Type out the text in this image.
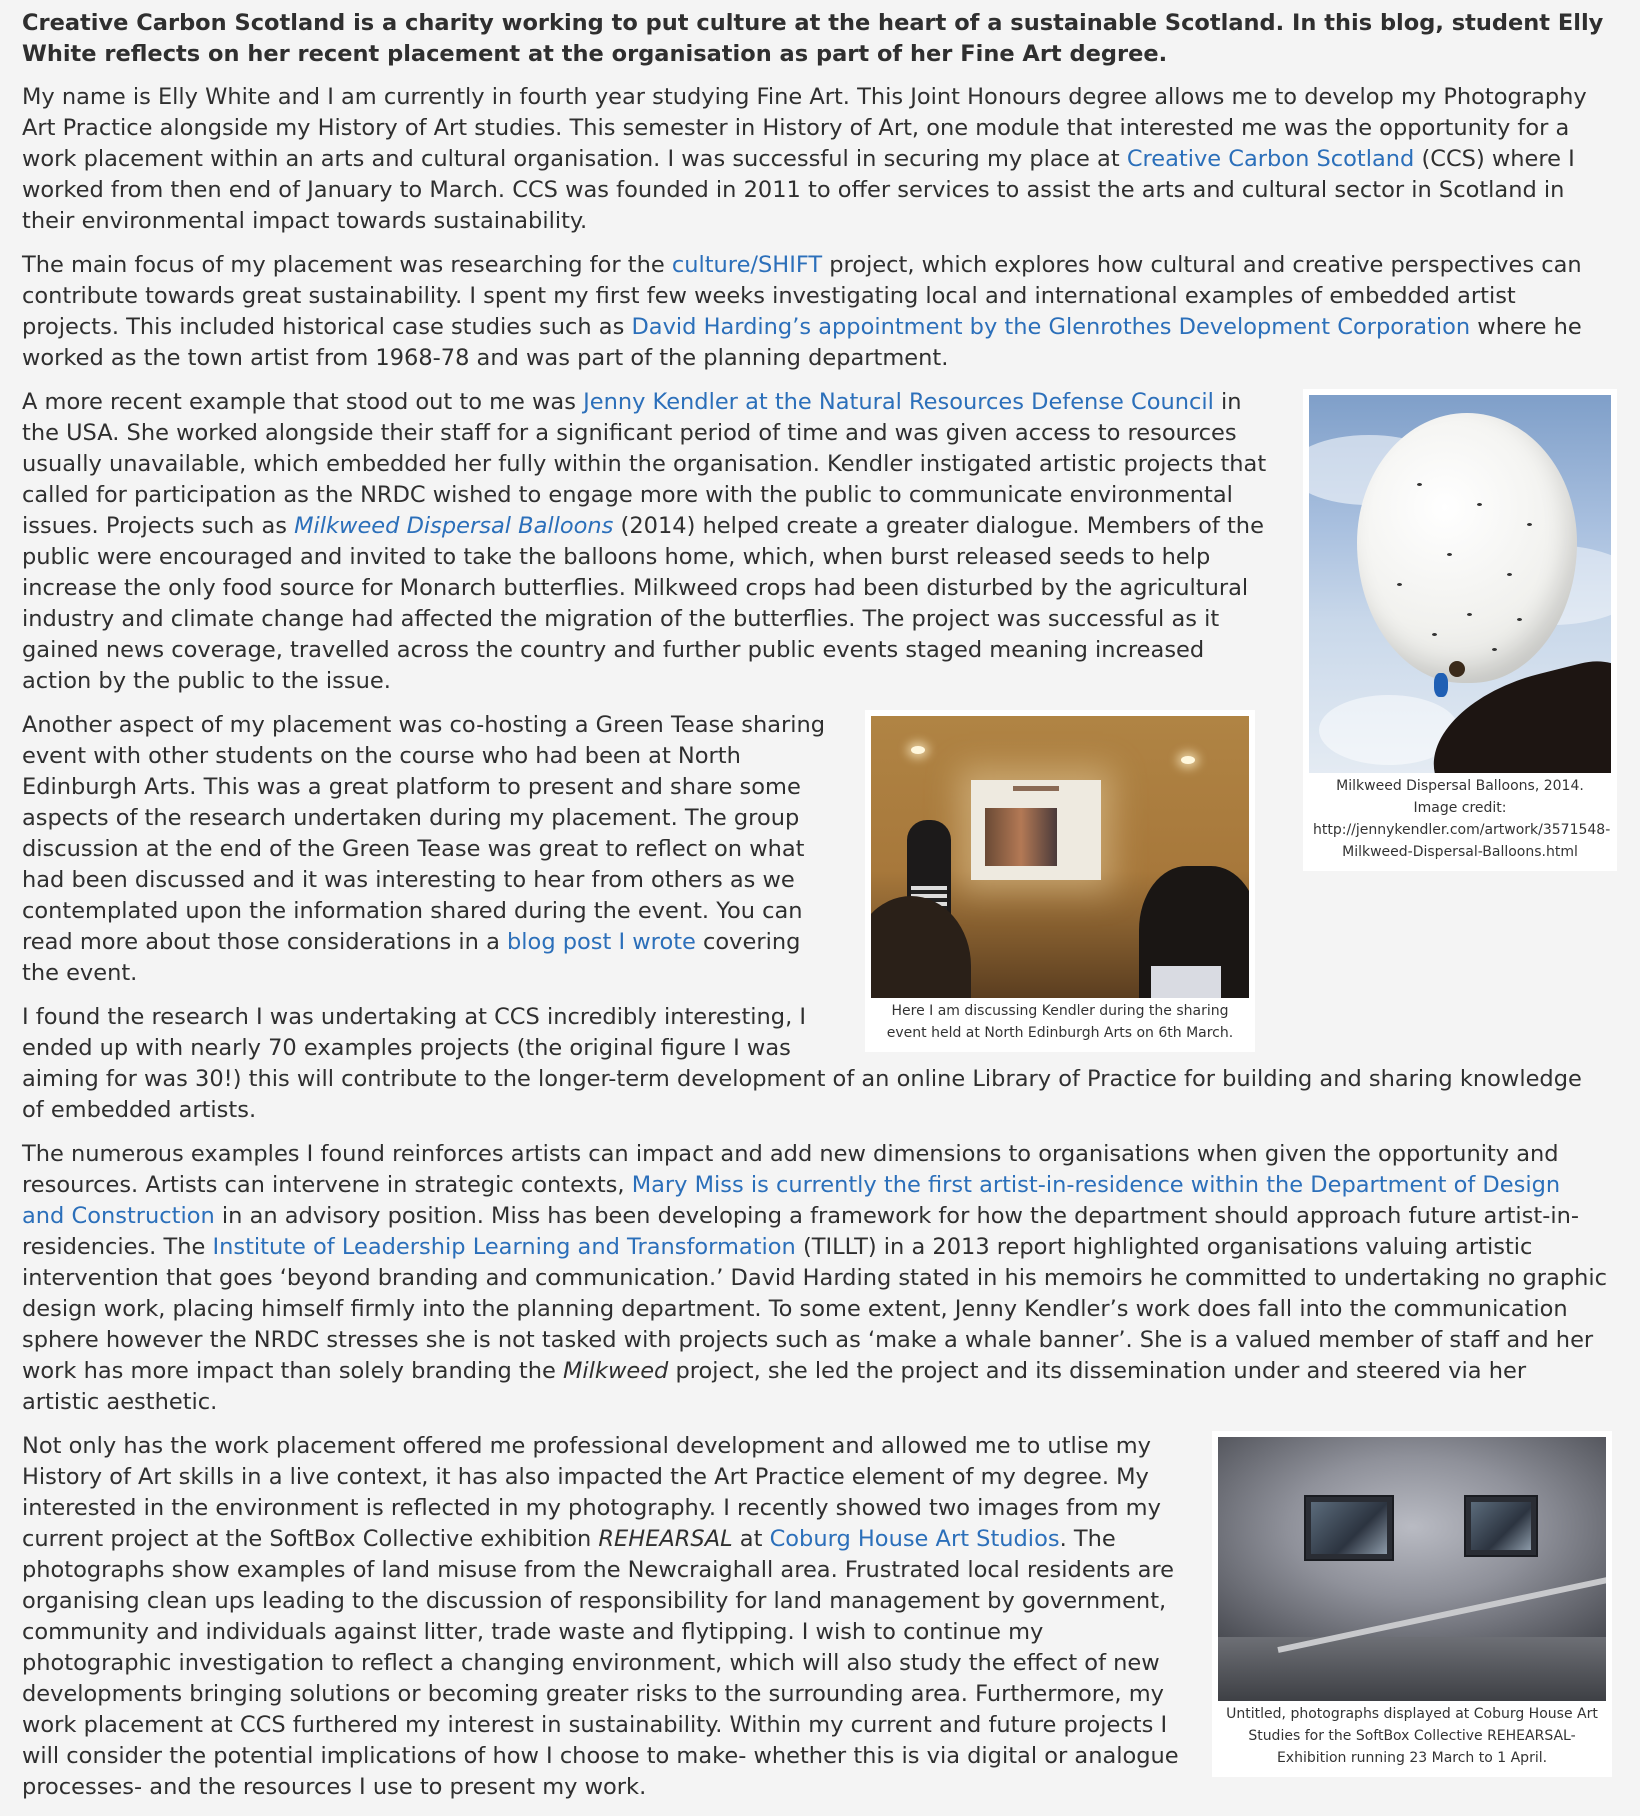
Creative Carbon Scotland is a charity working to put culture at the heart of a sustainable Scotland. In this blog, student Elly White reflects on her recent placement at the organisation as part of her Fine Art degree.

My name is Elly White and I am currently in fourth year studying Fine Art. This Joint Honours degree allows me to develop my Photography Art Practice alongside my History of Art studies. This semester in History of Art, one module that interested me was the opportunity for a work placement within an arts and cultural organisation. I was successful in securing my place at Creative Carbon Scotland (CCS) where I worked from then end of January to March. CCS was founded in 2011 to offer services to assist the arts and cultural sector in Scotland in their environmental impact towards sustainability.

The main focus of my placement was researching for the culture/SHIFT project, which explores how cultural and creative perspectives can contribute towards great sustainability. I spent my first few weeks investigating local and international examples of embedded artist projects. This included historical case studies such as David Harding’s appointment by the Glenrothes Development Corporation where he worked as the town artist from 1968-78 and was part of the planning department.

Milkweed Dispersal Balloons, 2014. Image credit: http://jennykendler.com/artwork/3571548-Milkweed-Dispersal-Balloons.html

A more recent example that stood out to me was Jenny Kendler at the Natural Resources Defense Council in the USA. She worked alongside their staff for a significant period of time and was given access to resources usually unavailable, which embedded her fully within the organisation. Kendler instigated artistic projects that called for participation as the NRDC wished to engage more with the public to communicate environmental issues. Projects such as Milkweed Dispersal Balloons (2014) helped create a greater dialogue. Members of the public were encouraged and invited to take the balloons home, which, when burst released seeds to help increase the only food source for Monarch butterflies. Milkweed crops had been disturbed by the agricultural industry and climate change had affected the migration of the butterflies. The project was successful as it gained news coverage, travelled across the country and further public events staged meaning increased action by the public to the issue.

Here I am discussing Kendler during the sharing event held at North Edinburgh Arts on 6th March.

Another aspect of my placement was co-hosting a Green Tease sharing event with other students on the course who had been at North Edinburgh Arts. This was a great platform to present and share some aspects of the research undertaken during my placement. The group discussion at the end of the Green Tease was great to reflect on what had been discussed and it was interesting to hear from others as we contemplated upon the information shared during the event. You can read more about those considerations in a blog post I wrote covering the event.

I found the research I was undertaking at CCS incredibly interesting, I ended up with nearly 70 examples projects (the original figure I was aiming for was 30!) this will contribute to the longer-term development of an online Library of Practice for building and sharing knowledge of embedded artists.

The numerous examples I found reinforces artists can impact and add new dimensions to organisations when given the opportunity and resources. Artists can intervene in strategic contexts, Mary Miss is currently the first artist-in-residence within the Department of Design and Construction in an advisory position. Miss has been developing a framework for how the department should approach future artist-in-residencies. The Institute of Leadership Learning and Transformation (TILLT) in a 2013 report highlighted organisations valuing artistic intervention that goes ‘beyond branding and communication.’ David Harding stated in his memoirs he committed to undertaking no graphic design work, placing himself firmly into the planning department. To some extent, Jenny Kendler’s work does fall into the communication sphere however the NRDC stresses she is not tasked with projects such as ‘make a whale banner’. She is a valued member of staff and her work has more impact than solely branding the Milkweed project, she led the project and its dissemination under and steered via her artistic aesthetic.

Untitled, photographs displayed at Coburg House Art Studies for the SoftBox Collective REHEARSAL-Exhibition running 23 March to 1 April.

Not only has the work placement offered me professional development and allowed me to utlise my History of Art skills in a live context, it has also impacted the Art Practice element of my degree. My interested in the environment is reflected in my photography. I recently showed two images from my current project at the SoftBox Collective exhibition REHEARSAL at Coburg House Art Studios. The photographs show examples of land misuse from the Newcraighall area. Frustrated local residents are organising clean ups leading to the discussion of responsibility for land management by government, community and individuals against litter, trade waste and flytipping. I wish to continue my photographic investigation to reflect a changing environment, which will also study the effect of new developments bringing solutions or becoming greater risks to the surrounding area. Furthermore, my work placement at CCS furthered my interest in sustainability. Within my current and future projects I will consider the potential implications of how I choose to make- whether this is via digital or analogue processes- and the resources I use to present my work.
